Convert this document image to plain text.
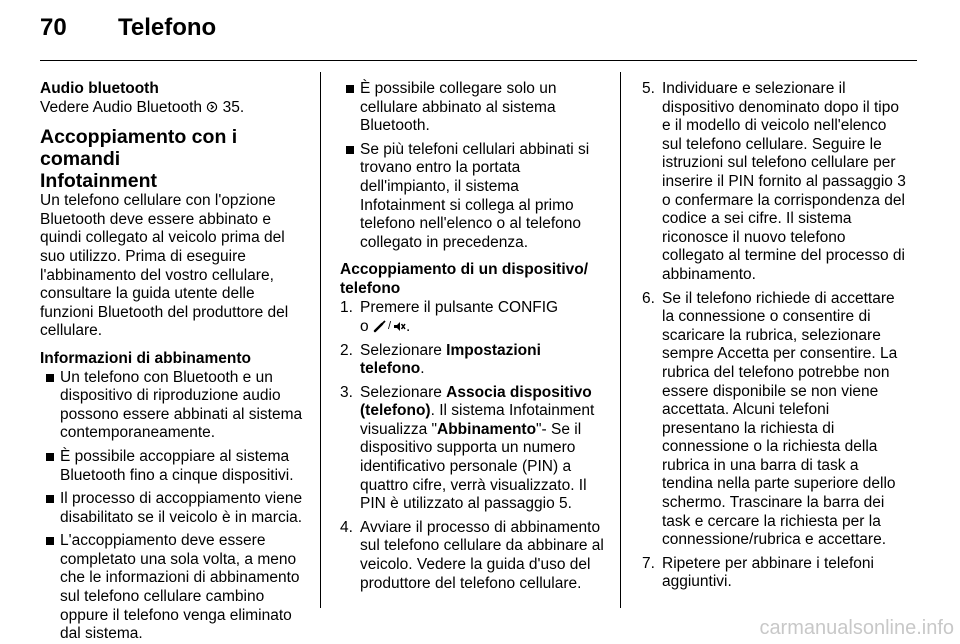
70 Telefono

Audio bluetooth

Vedere Audio Bluetooth 35.

Accoppiamento con i comandi
Infotainment

Un telefono cellulare con l'opzione Bluetooth deve essere abbinato e quindi collegato al veicolo prima del suo utilizzo. Prima di eseguire l'abbinamento del vostro cellulare, consultare la guida utente delle funzioni Bluetooth del produttore del cellulare.

Informazioni di abbinamento

Un telefono con Bluetooth e un dispositivo di riproduzione audio possono essere abbinati al sistema contemporaneamente.
È possibile accoppiare al sistema Bluetooth fino a cinque dispositivi.
Il processo di accoppiamento viene disabilitato se il veicolo è in marcia.
L'accoppiamento deve essere completato una sola volta, a meno che le informazioni di abbinamento sul telefono cellulare cambino oppure il telefono venga eliminato dal sistema.
È possibile collegare solo un cellulare abbinato al sistema Bluetooth.
Se più telefoni cellulari abbinati si trovano entro la portata dell'impianto, il sistema Infotainment si collega al primo telefono nell'elenco o al telefono collegato in precedenza.

Accoppiamento di un dispositivo/ telefono

1. Premere il pulsante CONFIG
o / .
2. Selezionare Impostazioni telefono.
3. Selezionare Associa dispositivo (telefono). Il sistema Infotainment visualizza "Abbinamento"- Se il dispositivo supporta un numero identificativo personale (PIN) a quattro cifre, verrà visualizzato. Il PIN è utilizzato al passaggio 5.
4. Avviare il processo di abbinamento sul telefono cellulare da abbinare al veicolo. Vedere la guida d'uso del produttore del telefono cellulare.
5. Individuare e selezionare il dispositivo denominato dopo il tipo e il modello di veicolo nell'elenco sul telefono cellulare. Seguire le istruzioni sul telefono cellulare per inserire il PIN fornito al passaggio 3 o confermare la corrispondenza del codice a sei cifre. Il sistema riconosce il nuovo telefono collegato al termine del processo di abbinamento.
6. Se il telefono richiede di accettare la connessione o consentire di scaricare la rubrica, selezionare sempre Accetta per consentire. La rubrica del telefono potrebbe non essere disponibile se non viene accettata. Alcuni telefoni presentano la richiesta di connessione o la richiesta della rubrica in una barra di task a tendina nella parte superiore dello schermo. Trascinare la barra dei task e cercare la richiesta per la connessione/rubrica e accettare.
7. Ripetere per abbinare i telefoni aggiuntivi.
carmanualsonline.info
